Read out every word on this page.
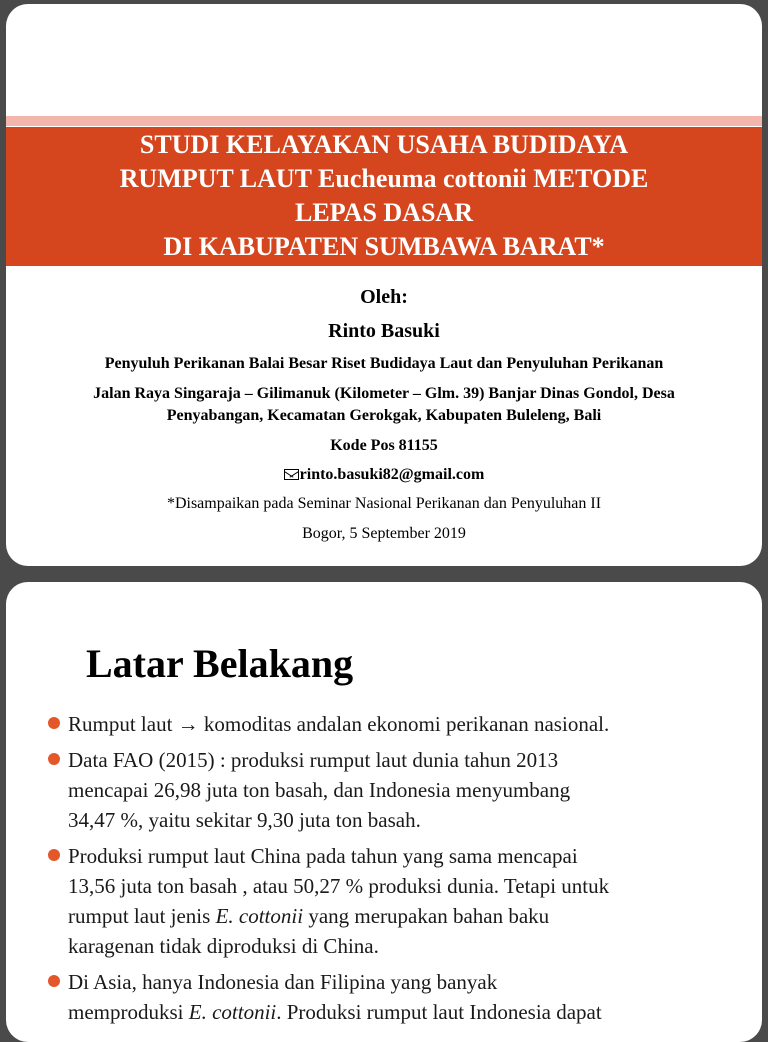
STUDI KELAYAKAN USAHA BUDIDAYA
RUMPUT LAUT Eucheuma cottonii METODE
LEPAS DASAR
DI KABUPATEN SUMBAWA BARAT*
Oleh:
Rinto Basuki
Penyuluh Perikanan Balai Besar Riset Budidaya Laut dan Penyuluhan Perikanan
Jalan Raya Singaraja – Gilimanuk (Kilometer – Glm. 39) Banjar Dinas Gondol, Desa
Penyabangan, Kecamatan Gerokgak, Kabupaten Buleleng, Bali
Kode Pos 81155
rinto.basuki82@gmail.com
*Disampaikan pada Seminar Nasional Perikanan dan Penyuluhan II
Bogor, 5 September 2019
Latar Belakang
Rumput laut → komoditas andalan ekonomi perikanan nasional.
Data FAO (2015) : produksi rumput laut dunia tahun 2013
mencapai 26,98 juta ton basah, dan Indonesia menyumbang
34,47 %, yaitu sekitar 9,30 juta ton basah.
Produksi rumput laut China pada tahun yang sama mencapai
13,56 juta ton basah , atau 50,27 % produksi dunia. Tetapi untuk
rumput laut jenis E. cottonii yang merupakan bahan baku
karagenan tidak diproduksi di China.
Di Asia, hanya Indonesia dan Filipina yang banyak
memproduksi E. cottonii. Produksi rumput laut Indonesia dapat
